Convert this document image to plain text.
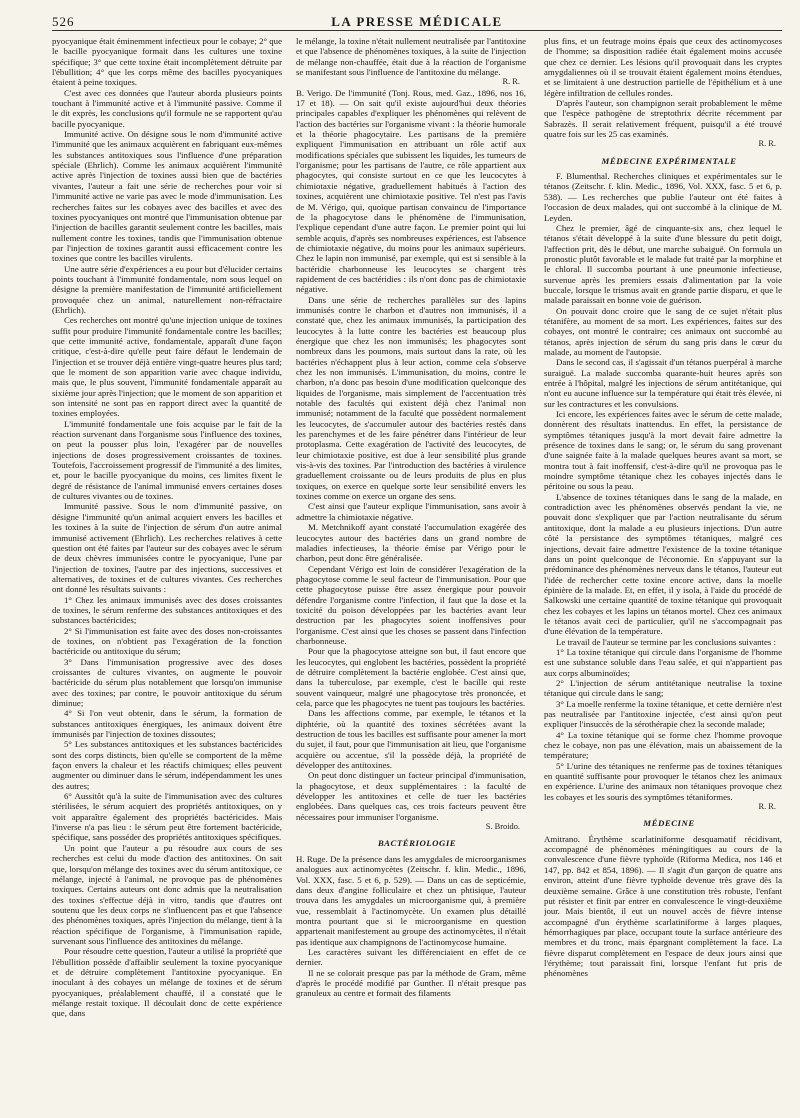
526	LA PRESSE MÉDICALE

pyocyanique était éminemment infectieux pour le cobaye; 2° que le bacille pyocyanique formait dans les cultures une toxine spécifique; 3° que cette toxine était incomplètement détruite par l'ébullition; 4° que les corps même des bacilles pyocyaniques étaient à peine toxiques.

C'est avec ces données que l'auteur aborda plusieurs points touchant à l'immunité active et à l'immunité passive. Comme il le dit exprès, les conclusions qu'il formule ne se rapportent qu'au bacille pyocyanique.

Immunité active. On désigne sous le nom d'immunité active l'immunité que les animaux acquièrent en fabriquant eux-mêmes les substances antitoxiques sous l'influence d'une préparation spéciale (Ehrlich). Comme les animaux acquièrent l'immunité active après l'injection de toxines aussi bien que de bactéries vivantes, l'auteur a fait une série de recherches pour voir si l'immunité active ne varie pas avec le mode d'immunisation. Les recherches faites sur les cobayes avec des bacilles et avec des toxines pyocyaniques ont montré que l'immunisation obtenue par l'injection de bacilles garantit seulement contre les bacilles, mais nullement contre les toxines, tandis que l'immunisation obtenue par l'injection de toxines garantit aussi efficacement contre les toxines que contre les bacilles virulents.

Une autre série d'expériences a eu pour but d'élucider certains points touchant à l'immunité fondamentale, nom sous lequel on désigne la première manifestation de l'immunité artificiellement provoquée chez un animal, naturellement non-réfractaire (Ehrlich).

Ces recherches ont montré qu'une injection unique de toxines suffit pour produire l'immunité fondamentale contre les bacilles; que cette immunité active, fondamentale, apparaît d'une façon critique, c'est-à-dire qu'elle peut faire défaut le lendemain de l'injection et se trouver déjà entière vingt-quatre heures plus tard; que le moment de son apparition varie avec chaque individu, mais que, le plus souvent, l'immunité fondamentale apparaît au sixième jour après l'injection; que le moment de son apparition et son intensité ne sont pas en rapport direct avec la quantité de toxines employées.

L'immunité fondamentale une fois acquise par le fait de la réaction survenant dans l'organisme sous l'influence des toxines, on peut la pousser plus loin, l'exagérer par de nouvelles injections de doses progressivement croissantes de toxines. Toutefois, l'accroissement progressif de l'immunité a des limites, et, pour le bacille pyocyanique du moins, ces limites fixent le degré de résistance de l'animal immunisé envers certaines doses de cultures vivantes ou de toxines.

Immunité passive. Sous le nom d'immunité passive, on désigne l'immunité qu'un animal acquiert envers les bacilles et les toxines à la suite de l'injection de sérum d'un autre animal immunisé activement (Ehrlich). Les recherches relatives à cette question ont été faites par l'auteur sur des cobayes avec le sérum de deux chèvres immunisées contre le pyocyanique, l'une par l'injection de toxines, l'autre par des injections, successives et alternatives, de toxines et de cultures vivantes. Ces recherches ont donné les résultats suivants :

1° Chez les animaux immunisés avec des doses croissantes de toxines, le sérum renferme des substances antitoxiques et des substances bactéricides;

2° Si l'immunisation est faite avec des doses non-croissantes de toxines, on n'obtient pas l'exagération de la fonction bactéricide ou antitoxique du sérum;

3° Dans l'immunisation progressive avec des doses croissantes de cultures vivantes, on augmente le pouvoir bactéricide du sérum plus notablement que lorsqu'on immunise avec des toxines; par contre, le pouvoir antitoxique du sérum diminue;

4° Si l'on veut obtenir, dans le sérum, la formation de substances antitoxiques énergiques, les animaux doivent être immunisés par l'injection de toxines dissoutes;

5° Les substances antitoxiques et les substances bactéricides sont des corps distincts, bien qu'elle se comportent de la même façon envers la chaleur et les réactifs chimiques; elles peuvent augmenter ou diminuer dans le sérum, indépendamment les unes des autres;

6° Aussitôt qu'à la suite de l'immunisation avec des cultures stérilisées, le sérum acquiert des propriétés antitoxiques, on y voit apparaître également des propriétés bactéricides. Mais l'inverse n'a pas lieu : le sérum peut être fortement bactéricide, spécifique, sans posséder des propriétés antitoxiques spécifiques.

Un point que l'auteur a pu résoudre aux cours de ses recherches est celui du mode d'action des antitoxines. On sait que, lorsqu'on mélange des toxines avec du sérum antitoxique, ce mélange, injecté à l'animal, ne provoque pas de phénomènes toxiques. Certains auteurs ont donc admis que la neutralisation des toxines s'effectue déjà in vitro, tandis que d'autres ont soutenu que les deux corps ne s'influencent pas et que l'absence des phénomènes toxiques, après l'injection du mélange, tient à la réaction spécifique de l'organisme, à l'immunisation rapide, survenant sous l'influence des antitoxines du mélange.

Pour résoudre cette question, l'auteur a utilisé la propriété que l'ébullition possède d'affaiblir seulement la toxine pyocyanique et de détruire complètement l'antitoxine pyocyanique. En inoculant à des cobayes un mélange de toxines et de sérum pyocyaniques, préalablement chauffé, il a constaté que le mélange restait toxique. Il découlait donc de cette expérience que, dans

le mélange, la toxine n'était nullement neutralisée par l'antitoxine et que l'absence de phénomènes toxiques, à la suite de l'injection de mélange non-chauffée, était due à la réaction de l'organisme se manifestant sous l'influence de l'antitoxine du mélange.

R. R.

B. Verigo. De l'immunité (Tonj. Rous, med. Gaz., 1896, nos 16, 17 et 18). — On sait qu'il existe aujourd'hui deux théories principales capables d'expliquer les phénomènes qui relèvent de l'action des bactéries sur l'organisme vivant : la théorie humorale et la théorie phagocytaire. Les partisans de la première expliquent l'immunisation en attribuant un rôle actif aux modifications spéciales que subissent les liquides, les tumeurs de l'organisme; pour les partisans de l'autre, ce rôle appartient aux phagocytes, qui consiste surtout en ce que les leucocytes à chimiotaxie négative, graduellement habitués à l'action des toxines, acquièrent une chimiotaxie positive. Tel n'est pas l'avis de M. Vérigo, qui, quoique partisan convaincu de l'importance de la phagocytose dans le phénomène de l'immunisation, l'explique cependant d'une autre façon. Le premier point qui lui semble acquis, d'après ses nombreuses expériences, est l'absence de chimiotaxie négative, du moins pour les animaux supérieurs. Chez le lapin non immunisé, par exemple, qui est si sensible à la bactéridie charbonneuse les leucocytes se chargent très rapidement de ces bactéridies : ils n'ont donc pas de chimiotaxie négative.

Dans une série de recherches parallèles sur des lapins immunisés contre le charbon et d'autres non immunisés, il a constaté que, chez les animaux immunisés, la participation des leucocytes à la lutte contre les bactéries est beaucoup plus énergique que chez les non immunisés; les phagocytes sont nombreux dans les poumons, mais surtout dans la rate, où les bactéries n'échappent plus à leur action, comme cela s'observe chez les non immunisés. L'immunisation, du moins, contre le charbon, n'a donc pas besoin d'une modification quelconque des liquides de l'organisme, mais simplement de l'accentuation très notable des facultés qui existent déjà chez l'animal non immunisé; notamment de la faculté que possèdent normalement les leucocytes, de s'accumuler autour des bactéries restés dans les parenchymes et de les faire pénétrer dans l'intérieur de leur protoplasma. Cette exagération de l'activité des leucocytes, de leur chimiotaxie positive, est due à leur sensibilité plus grande vis-à-vis des toxines. Par l'introduction des bactéries à virulence graduellement croissante ou de leurs produits de plus en plus toxiques, on exerce en quelque sorte leur sensibilité envers les toxines comme on exerce un organe des sens.

C'est ainsi que l'auteur explique l'immunisation, sans avoir à admettre la chimiotaxie négative.

M. Metchnikoff ayant constaté l'accumulation exagérée des leucocytes autour des bactéries dans un grand nombre de maladies infectieuses, la théorie émise par Vérigo pour le charbon, peut donc être généralisée.

Cependant Vérigo est loin de considérer l'exagération de la phagocytose comme le seul facteur de l'immunisation. Pour que cette phagocytose puisse être assez énergique pour pouvoir défendre l'organisme contre l'infection, il faut que la dose et la toxicité du poison développées par les bactéries avant leur destruction par les phagocytes soient inoffensives pour l'organisme. C'est ainsi que les choses se passent dans l'infection charbonneuse.

Pour que la phagocytose atteigne son but, il faut encore que les leucocytes, qui englobent les bactéries, possèdent la propriété de détruire complètement la bactérie englobée. C'est ainsi que, dans la tuberculose, par exemple, c'est le bacille qui reste souvent vainqueur, malgré une phagocytose très prononcée, et cela, parce que les phagocytes ne tuent pas toujours les bactéries.

Dans les affections comme, par exemple, le tétanos et la diphtérie, où la quantité des toxines sécrétées avant la destruction de tous les bacilles est suffisante pour amener la mort du sujet, il faut, pour que l'immunisation ait lieu, que l'organisme acquière ou accentue, s'il la possède déjà, la propriété de développer des antitoxines.

On peut donc distinguer un facteur principal d'immunisation, la phagocytose, et deux supplémentaires : la faculté de développer les antitoxines et celle de tuer les bactéries englobées. Dans quelques cas, ces trois facteurs peuvent être nécessaires pour immuniser l'organisme.

S. Broido.

BACTÉRIOLOGIE

H. Ruge. De la présence dans les amygdales de microorganismes analogues aux actinomycètes (Zeitschr. f. klin. Medic., 1896, Vol. XXX, fasc. 5 et 6, p. 529). — Dans un cas de septicémie, dans deux d'angine folliculaire et chez un phtisique, l'auteur trouva dans les amygdales un microorganisme qui, à première vue, ressemblait à l'actinomycète. Un examen plus détaillé montra pourtant que si le microorganisme en question appartenait manifestement au groupe des actinomycètes, il n'était pas identique aux champignons de l'actinomycose humaine.

Les caractères suivant les différenciaient en effet de ce dernier.

Il ne se colorait presque pas par la méthode de Gram, même d'après le procédé modifié par Gunther. Il n'était presque pas granuleux au centre et formait des filaments

plus fins, et un feutrage moins épais que ceux des actinomycoses de l'homme; sa disposition radiée était également moins accusée que chez ce dernier. Les lésions qu'il provoquait dans les cryptes amygdaliennes où il se trouvait étaient également moins étendues, et se limitaient à une destruction partielle de l'épithélium et à une légère infiltration de cellules rondes.

D'après l'auteur, son champignon serait probablement le même que l'espèce pathogène de streptothrix décrite récemment par Sabrazès. Il serait relativement fréquent, puisqu'il a été trouvé quatre fois sur les 25 cas examinés.

R. R.

MÉDECINE EXPÉRIMENTALE

F. Blumenthal. Recherches cliniques et expérimentales sur le tétanos (Zeitschr. f. klin. Medic., 1896, Vol. XXX, fasc. 5 et 6, p. 538). — Les recherches que publie l'auteur ont été faites à l'occasion de deux malades, qui ont succombé à la clinique de M. Leyden.

Chez le premier, âgé de cinquante-six ans, chez lequel le tétanos s'était développé à la suite d'une blessure du petit doigt, l'affection prit, dès le début, une marche subaiguë. On formula un pronostic plutôt favorable et le malade fut traité par la morphine et le chloral. Il succomba pourtant à une pneumonie infectieuse, survenue après les premiers essais d'alimentation par la voie buccale, lorsque le trismus avait en grande partie disparu, et que le malade paraissait en bonne voie de guérison.

On pouvait donc croire que le sang de ce sujet n'était plus tétanifère, au moment de sa mort. Les expériences, faites sur des cobayes, ont montré le contraire; ces animaux ont succombé au tétanos, après injection de sérum du sang pris dans le cœur du malade, au moment de l'autopsie.

Dans le second cas, il s'agissait d'un tétanos puerpéral à marche suraiguë. La malade succomba quarante-huit heures après son entrée à l'hôpital, malgré les injections de sérum antitétanique, qui n'ont eu aucune influence sur la température qui était très élevée, ni sur les contractures et les convulsions.

Ici encore, les expériences faites avec le sérum de cette malade, donnèrent des résultats inattendus. En effet, la persistance de symptômes tétaniques jusqu'à la mort devait faire admettre la présence de toxines dans le sang; or, le sérum du sang provenant d'une saignée faite à la malade quelques heures avant sa mort, se montra tout à fait inoffensif, c'est-à-dire qu'il ne provoqua pas le moindre symptôme tétanique chez les cobayes injectés dans le péritoine ou sous la peau.

L'absence de toxines tétaniques dans le sang de la malade, en contradiction avec les phénomènes observés pendant la vie, ne pouvait donc s'expliquer que par l'action neutralisante du sérum antitoxique, dont la malade a eu plusieurs injections. D'un autre côté la persistance des symptômes tétaniques, malgré ces injections, devait faire admettre l'existence de la toxine tétanique dans un point quelconque de l'économie. En s'appuyant sur la prédominance des phénomènes nerveux dans le tétanos, l'auteur eut l'idée de rechercher cette toxine encore active, dans la moelle épinière de la malade. Et, en effet, il y isola, à l'aide du procédé de Salkowski une certaine quantité de toxine tétanique qui provoquait chez les cobayes et les lapins un tétanos mortel. Chez ces animaux le tétanos avait ceci de particulier, qu'il ne s'accompagnait pas d'une élévation de la température.

Le travail de l'auteur se termine par les conclusions suivantes :

1° La toxine tétanique qui circule dans l'organisme de l'homme est une substance soluble dans l'eau salée, et qui n'appartient pas aux corps albuminoïdes;

2° L'injection de sérum antitétanique neutralise la toxine tétanique qui circule dans le sang;

3° La moelle renferme la toxine tétanique, et cette dernière n'est pas neutralisée par l'antitoxine injectée, c'est ainsi qu'on peut expliquer l'insuccès de la sérothérapie chez la seconde malade;

4° La toxine tétanique qui se forme chez l'homme provoque chez le cobaye, non pas une élévation, mais un abaissement de la température;

5° L'urine des tétaniques ne renferme pas de toxines tétaniques en quantité suffisante pour provoquer le tétanos chez les animaux en expérience. L'urine des animaux non tétaniques provoque chez les cobayes et les souris des symptômes tétaniformes.

R. R.

MÉDECINE

Amitrano. Érythème scarlatiniforme desquamatif récidivant, accompagné de phénomènes méningitiques au cours de la convalescence d'une fièvre typhoïde (Riforma Medica, nos 146 et 147, pp. 842 et 854, 1896). — Il s'agit d'un garçon de quatre ans environ, atteint d'une fièvre typhoïde devenue très grave dès la deuxième semaine. Grâce à une constitution très robuste, l'enfant put résister et finit par entrer en convalescence le vingt-deuxième jour. Mais bientôt, il eut un nouvel accès de fièvre intense accompagné d'un érythème scarlatiniforme à larges plaques, hémorrhagiques par place, occupant toute la surface antérieure des membres et du tronc, mais épargnant complètement la face. La fièvre disparut complètement en l'espace de deux jours ainsi que l'érythème; tout paraissait fini, lorsque l'enfant fut pris de phénomènes
